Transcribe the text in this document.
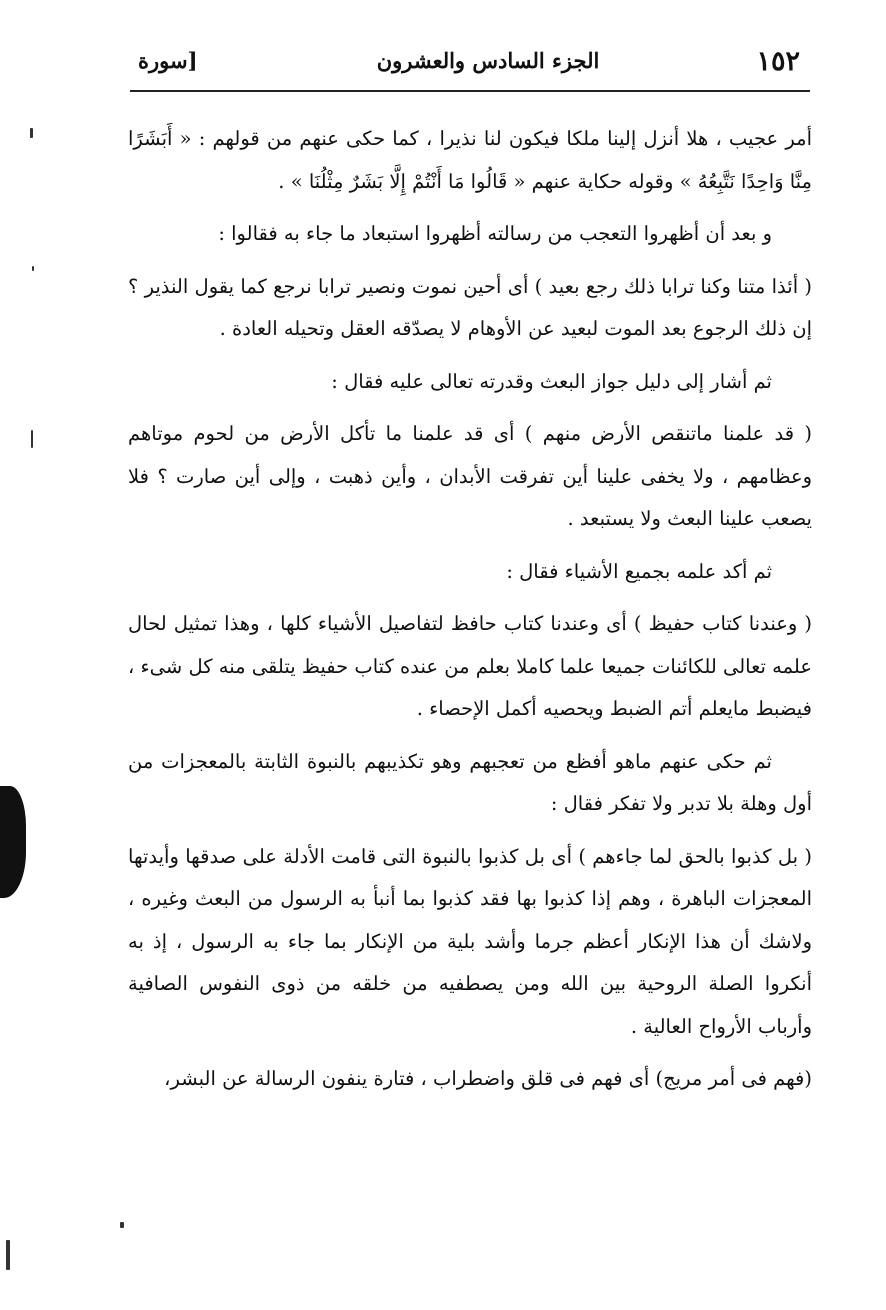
١٥٢
الجزء السادس والعشرون
[سورة

أمر عجيب ، هلا أنزل إلينا ملكا فيكون لنا نذيرا ، كما حكى عنهم من قولهم : « أَبَشَرًا مِنَّا وَاحِدًا نَتَّبِعُهُ » وقوله حكاية عنهم « قَالُوا مَا أَنْتُمْ إِلَّا بَشَرٌ مِثْلُنَا » .

و بعد أن أظهروا التعجب من رسالته أظهروا استبعاد ما جاء به فقالوا :

( أئذا متنا وكنا ترابا ذلك رجع بعيد ) أى أحين نموت ونصير ترابا نرجع كما يقول النذير ؟ إن ذلك الرجوع بعد الموت لبعيد عن الأوهام لا يصدّقه العقل وتحيله العادة .

ثم أشار إلى دليل جواز البعث وقدرته تعالى عليه فقال :

( قد علمنا ماتنقص الأرض منهم ) أى قد علمنا ما تأكل الأرض من لحوم موتاهم وعظامهم ، ولا يخفى علينا أين تفرقت الأبدان ، وأين ذهبت ، وإلى أين صارت ؟ فلا يصعب علينا البعث ولا يستبعد .

ثم أكد علمه بجميع الأشياء فقال :

( وعندنا كتاب حفيظ ) أى وعندنا كتاب حافظ لتفاصيل الأشياء كلها ، وهذا تمثيل لحال علمه تعالى للكائنات جميعا علما كاملا بعلم من عنده كتاب حفيظ يتلقى منه كل شىء ، فيضبط مايعلم أتم الضبط ويحصيه أكمل الإحصاء .

ثم حكى عنهم ماهو أفظع من تعجبهم وهو تكذيبهم بالنبوة الثابتة بالمعجزات من أول وهلة بلا تدبر ولا تفكر فقال :

( بل كذبوا بالحق لما جاءهم ) أى بل كذبوا بالنبوة التى قامت الأدلة على صدقها وأيدتها المعجزات الباهرة ، وهم إذا كذبوا بها فقد كذبوا بما أنبأ به الرسول من البعث وغيره ، ولاشك أن هذا الإنكار أعظم جرما وأشد بلية من الإنكار بما جاء به الرسول ، إذ به أنكروا الصلة الروحية بين الله ومن يصطفيه من خلقه من ذوى النفوس الصافية وأرباب الأرواح العالية .

(فهم فى أمر مريج) أى فهم فى قلق واضطراب ، فتارة ينفون الرسالة عن البشر،
